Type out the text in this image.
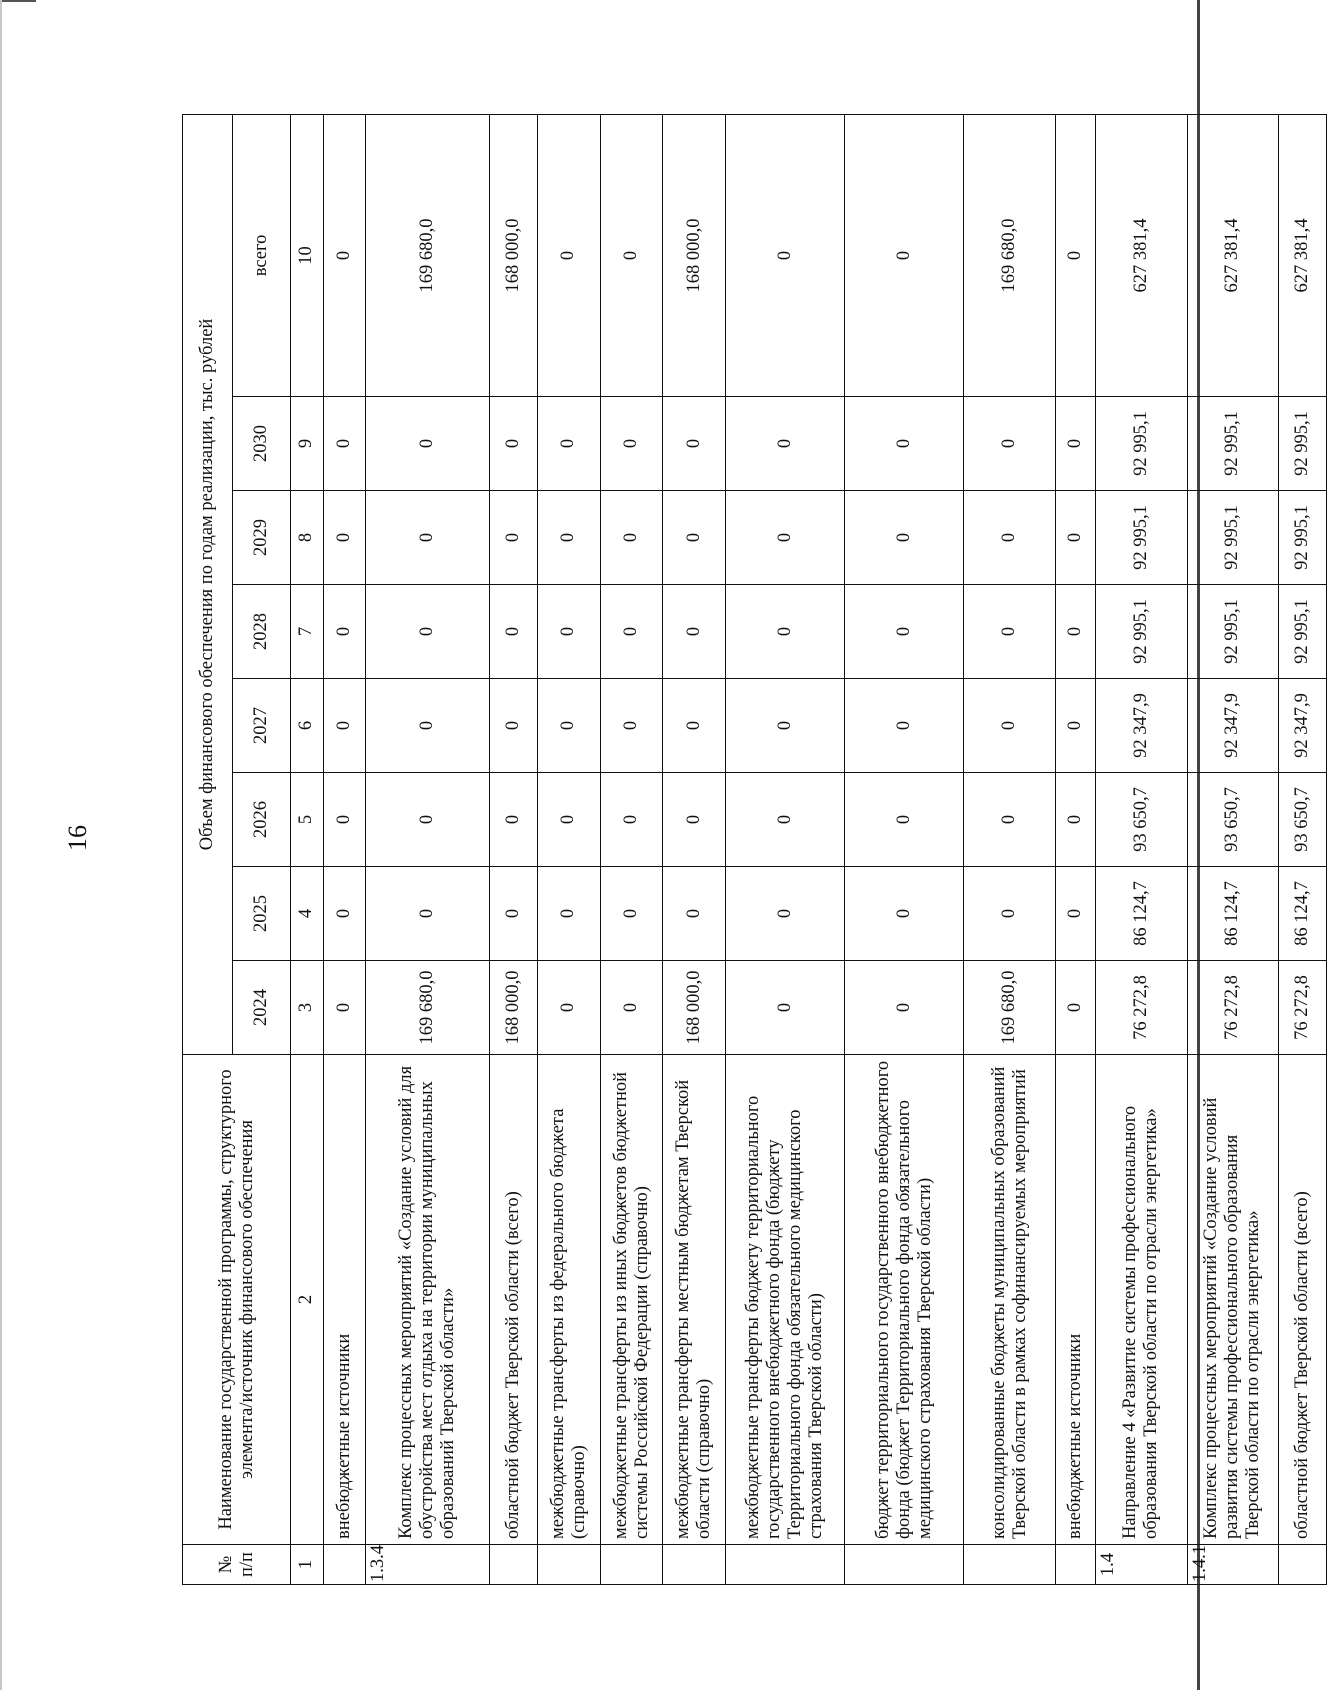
16
№ п/п	Наименование государственной программы, структурного элемента/источник финансового обеспечения	Объем финансового обеспечения по годам реализации, тыс. рублей							
		2024	2025	2026	2027	2028	2029	2030	всего
1	2	3	4	5	6	7	8	9	10
	внебюджетные источники	0	0	0	0	0	0	0	0
1.3.4	Комплекс процессных мероприятий «Создание условий для обустройства мест отдыха на территории муниципальных образований Тверской области»	169 680,0	0	0	0	0	0	0	169 680,0
	областной бюджет Тверской области (всего)	168 000,0	0	0	0	0	0	0	168 000,0
	межбюджетные трансферты из федерального бюджета (справочно)	0	0	0	0	0	0	0	0
	межбюджетные трансферты из иных бюджетов бюджетной системы Российской Федерации (справочно)	0	0	0	0	0	0	0	0
	межбюджетные трансферты местным бюджетам Тверской области (справочно)	168 000,0	0	0	0	0	0	0	168 000,0
	межбюджетные трансферты бюджету территориального государственного внебюджетного фонда (бюджету Территориального фонда обязательного медицинского страхования Тверской области)	0	0	0	0	0	0	0	0
	бюджет территориального государственного внебюджетного фонда (бюджет Территориального фонда обязательного медицинского страхования Тверской области)	0	0	0	0	0	0	0	0
	консолидированные бюджеты муниципальных образований Тверской области в рамках софинансируемых мероприятий	169 680,0	0	0	0	0	0	0	169 680,0
	внебюджетные источники	0	0	0	0	0	0	0	0
1.4	Направление 4 «Развитие системы профессионального образования Тверской области по отрасли энергетика»	76 272,8	86 124,7	93 650,7	92 347,9	92 995,1	92 995,1	92 995,1	627 381,4
1.4.1	Комплекс процессных мероприятий «Создание условий развития системы профессионального образования Тверской области по отрасли энергетика»	76 272,8	86 124,7	93 650,7	92 347,9	92 995,1	92 995,1	92 995,1	627 381,4
	областной бюджет Тверской области (всего)	76 272,8	86 124,7	93 650,7	92 347,9	92 995,1	92 995,1	92 995,1	627 381,4
